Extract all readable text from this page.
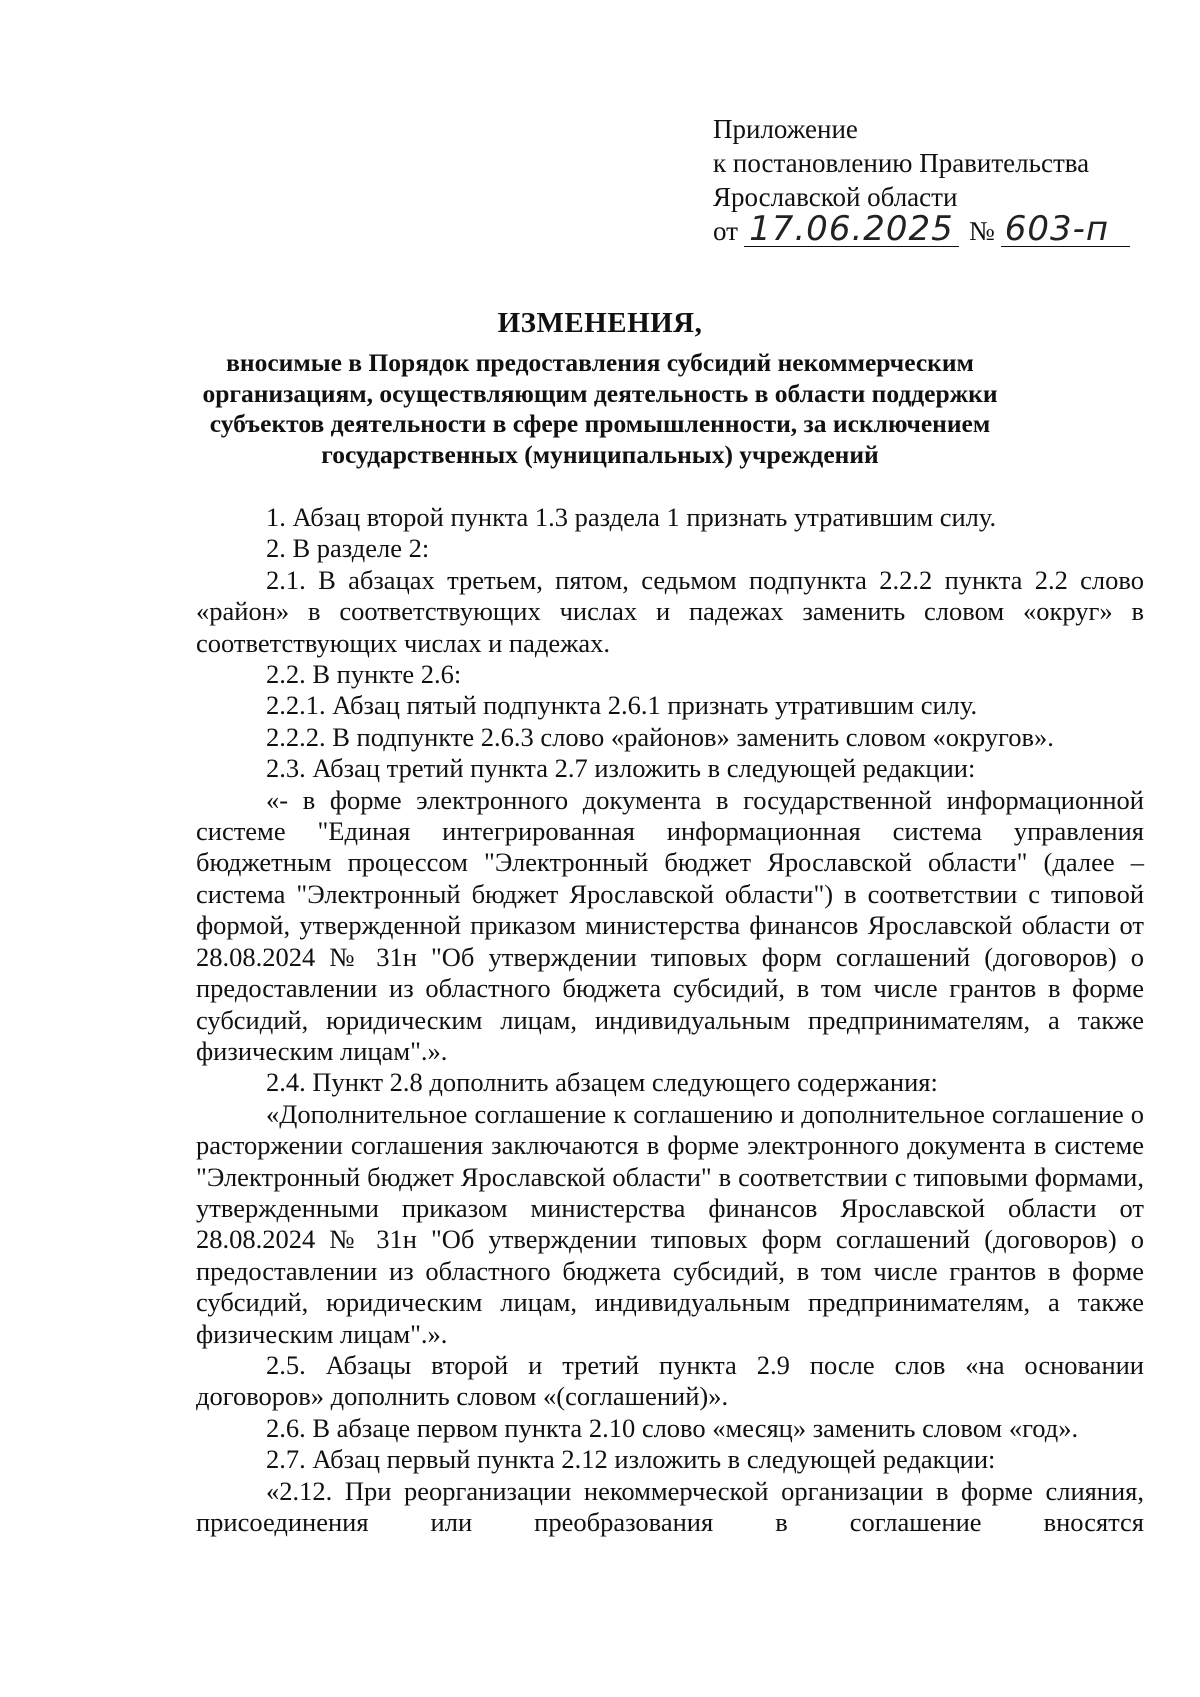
Приложение
к постановлению Правительства
Ярославской области
от 17.06.2025 № 603-п
ИЗМЕНЕНИЯ,
вносимые в Порядок предоставления субсидий некоммерческим организациям, осуществляющим деятельность в области поддержки субъектов деятельности в сфере промышленности, за исключением государственных (муниципальных) учреждений

1. Абзац второй пункта 1.3 раздела 1 признать утратившим силу.

2. В разделе 2:

2.1. В абзацах третьем, пятом, седьмом подпункта 2.2.2 пункта 2.2 слово «район» в соответствующих числах и падежах заменить словом «округ» в соответствующих числах и падежах.

2.2. В пункте 2.6:

2.2.1. Абзац пятый подпункта 2.6.1 признать утратившим силу.

2.2.2. В подпункте 2.6.3 слово «районов» заменить словом «округов».

2.3. Абзац третий пункта 2.7 изложить в следующей редакции:

«- в форме электронного документа в государственной информационной системе "Единая интегрированная информационная система управления бюджетным процессом "Электронный бюджет Ярославской области" (далее – система "Электронный бюджет Ярославской области") в соответствии с типовой формой, утвержденной приказом министерства финансов Ярославской области от 28.08.2024 № 31н "Об утверждении типовых форм соглашений (договоров) о предоставлении из областного бюджета субсидий, в том числе грантов в форме субсидий, юридическим лицам, индивидуальным предпринимателям, а также физическим лицам".».

2.4. Пункт 2.8 дополнить абзацем следующего содержания:

«Дополнительное соглашение к соглашению и дополнительное соглашение о расторжении соглашения заключаются в форме электронного документа в системе "Электронный бюджет Ярославской области" в соответствии с типовыми формами, утвержденными приказом министерства финансов Ярославской области от 28.08.2024 № 31н "Об утверждении типовых форм соглашений (договоров) о предоставлении из областного бюджета субсидий, в том числе грантов в форме субсидий, юридическим лицам, индивидуальным предпринимателям, а также физическим лицам".».

2.5. Абзацы второй и третий пункта 2.9 после слов «на основании договоров» дополнить словом «(соглашений)».

2.6. В абзаце первом пункта 2.10 слово «месяц» заменить словом «год».

2.7. Абзац первый пункта 2.12 изложить в следующей редакции:

«2.12. При реорганизации некоммерческой организации в форме слияния, присоединения или преобразования в соглашение вносятся
